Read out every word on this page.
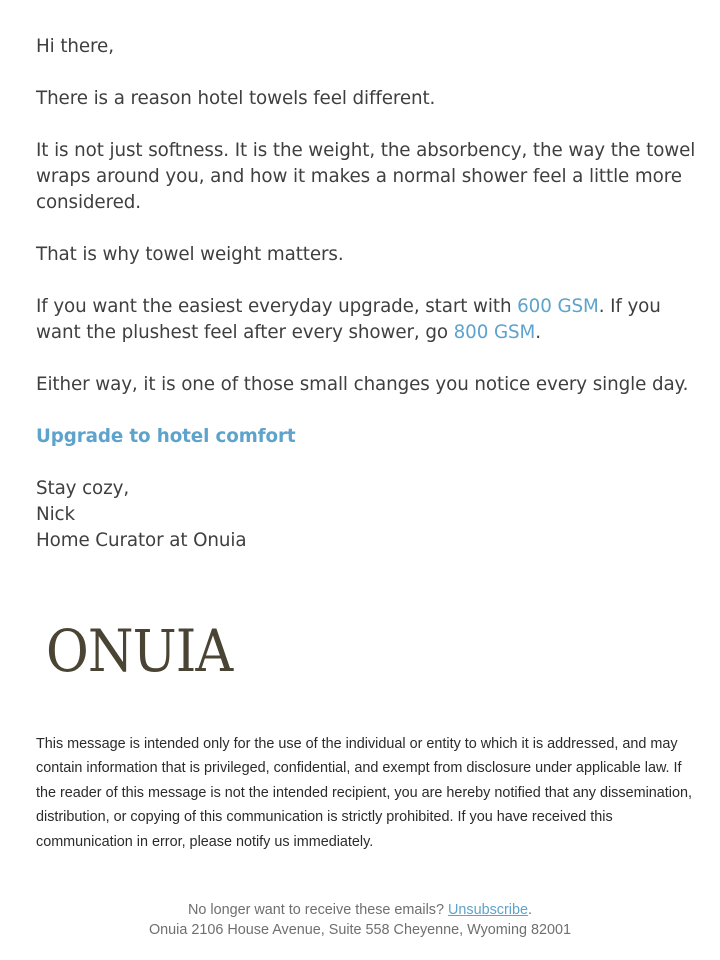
Hi there,

There is a reason hotel towels feel different.

It is not just softness. It is the weight, the absorbency, the way the towel wraps around you, and how it makes a normal shower feel a little more considered.

That is why towel weight matters.

If you want the easiest everyday upgrade, start with 600 GSM. If you want the plushest feel after every shower, go 800 GSM.

Either way, it is one of those small changes you notice every single day.

Upgrade to hotel comfort

Stay cozy,

Nick

Home Curator at Onuia

ONUIA
This message is intended only for the use of the individual or entity to which it is addressed, and may contain information that is privileged, confidential, and exempt from disclosure under applicable law. If the reader of this message is not the intended recipient, you are hereby notified that any dissemination, distribution, or copying of this communication is strictly prohibited. If you have received this communication in error, please notify us immediately.
No longer want to receive these emails? Unsubscribe.
Onuia 2106 House Avenue, Suite 558 Cheyenne, Wyoming 82001
